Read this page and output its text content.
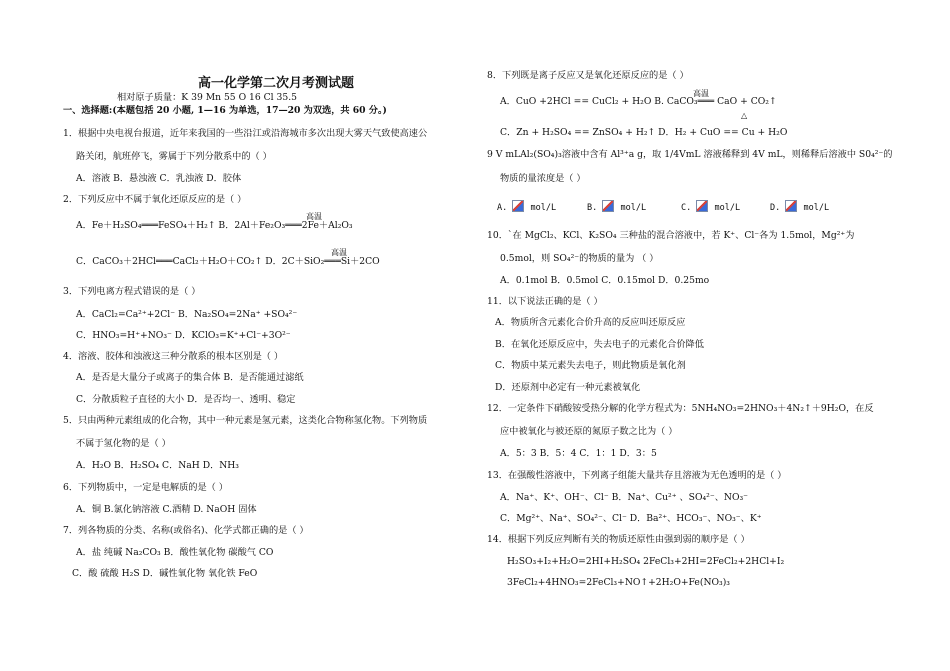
高一化学第二次月考测试题
相对原子质量：K 39 Mn 55 O 16 Cl 35.5
一、选择题:(本题包括 20 小题, 1—16 为单选，17—20 为双选，共 60 分。)
1．根据中央电视台报道，近年来我国的一些沿江或沿海城市多次出现大雾天气致使高速公
路关闭，航班停飞，雾属于下列分散系中的（ ）
A．溶液 B．悬浊液 C．乳浊液 D．胶体
2．下列反应中不属于氧化还原反应的是（ ）
A．Fe＋H₂SO₄═══FeSO₄＋H₂↑ B．2Al＋Fe₂O₃═══2Fe＋Al₂O₃
高温
C．CaCO₃＋2HCl═══CaCl₂＋H₂O＋CO₂↑ D．2C＋SiO₂═══Si＋2CO
高温
3．下列电离方程式错误的是（ ）
A．CaCl₂=Ca²⁺+2Cl⁻ B．Na₂SO₄=2Na⁺ +SO₄²⁻
C．HNO₃=H⁺+NO₃⁻ D．KClO₃=K⁺+Cl⁻+3O²⁻
4．溶液、胶体和浊液这三种分散系的根本区别是（ ）
A．是否是大量分子或离子的集合体 B．是否能通过滤纸
C．分散质粒子直径的大小 D．是否均一、透明、稳定
5．只由两种元素组成的化合物，其中一种元素是氢元素，这类化合物称氢化物。下列物质
不属于氢化物的是（ ）
A．H₂O B．H₂SO₄ C．NaH D．NH₃
6．下列物质中，一定是电解质的是（ ）
A．铜 B.氯化钠溶液 C.酒精 D. NaOH 固体
7．列各物质的分类、名称(或俗名)、化学式都正确的是（ ）
A．盐 纯碱 Na₂CO₃ B．酸性氧化物 碳酸气 CO
C．酸 硫酸 H₂S D．碱性氧化物 氧化铁 FeO
8．下列既是离子反应又是氧化还原反应的是（ ）
A．CuO +2HCl == CuCl₂ + H₂O B. CaCO₃═══ CaO + CO₂↑
高温
△
C．Zn + H₂SO₄ == ZnSO₄ + H₂↑ D．H₂ + CuO == Cu + H₂O
9 V mLAl₂(SO₄)₃溶液中含有 Al³⁺a g，取 1/4VmL 溶液稀释到 4V mL，则稀释后溶液中 S0₄²⁻的
物质的量浓度是（ ）
10．`在 MgCl₂、KCl、K₂SO₄ 三种盐的混合溶液中，若 K⁺、Cl⁻各为 1.5mol，Mg²⁺为
0.5mol，则 SO₄²⁻的物质的量为 （ ）
A．0.1mol B．0.5mol C．0.15mol D．0.25mo
11．以下说法正确的是（ ）
A．物质所含元素化合价升高的反应叫还原反应
B．在氧化还原反应中，失去电子的元素化合价降低
C．物质中某元素失去电子，则此物质是氧化剂
D．还原剂中必定有一种元素被氧化
12．一定条件下硝酸铵受热分解的化学方程式为：5NH₄NO₃=2HNO₃＋4N₂↑＋9H₂O，在反
应中被氧化与被还原的氮原子数之比为（ ）
A．5：3 B．5：4 C．1：1 D．3：5
13．在强酸性溶液中，下列离子组能大量共存且溶液为无色透明的是（ ）
A．Na⁺、K⁺、OH⁻、Cl⁻ B．Na⁺、Cu²⁺ 、SO₄²⁻、NO₃⁻
C．Mg²⁺、Na⁺、SO₄²⁻、Cl⁻ D．Ba²⁺、HCO₃⁻、NO₃⁻、K⁺
14．根据下列反应判断有关的物质还原性由强到弱的顺序是（ ）
H₂SO₃+I₂+H₂O=2HI+H₂SO₄ 2FeCl₃+2HI=2FeCl₂+2HCl+I₂
3FeCl₂+4HNO₃=2FeCl₃+NO↑+2H₂O+Fe(NO₃)₃
A.  mol/L	B.  mol/L	C.  mol/L	D.  mol/L
